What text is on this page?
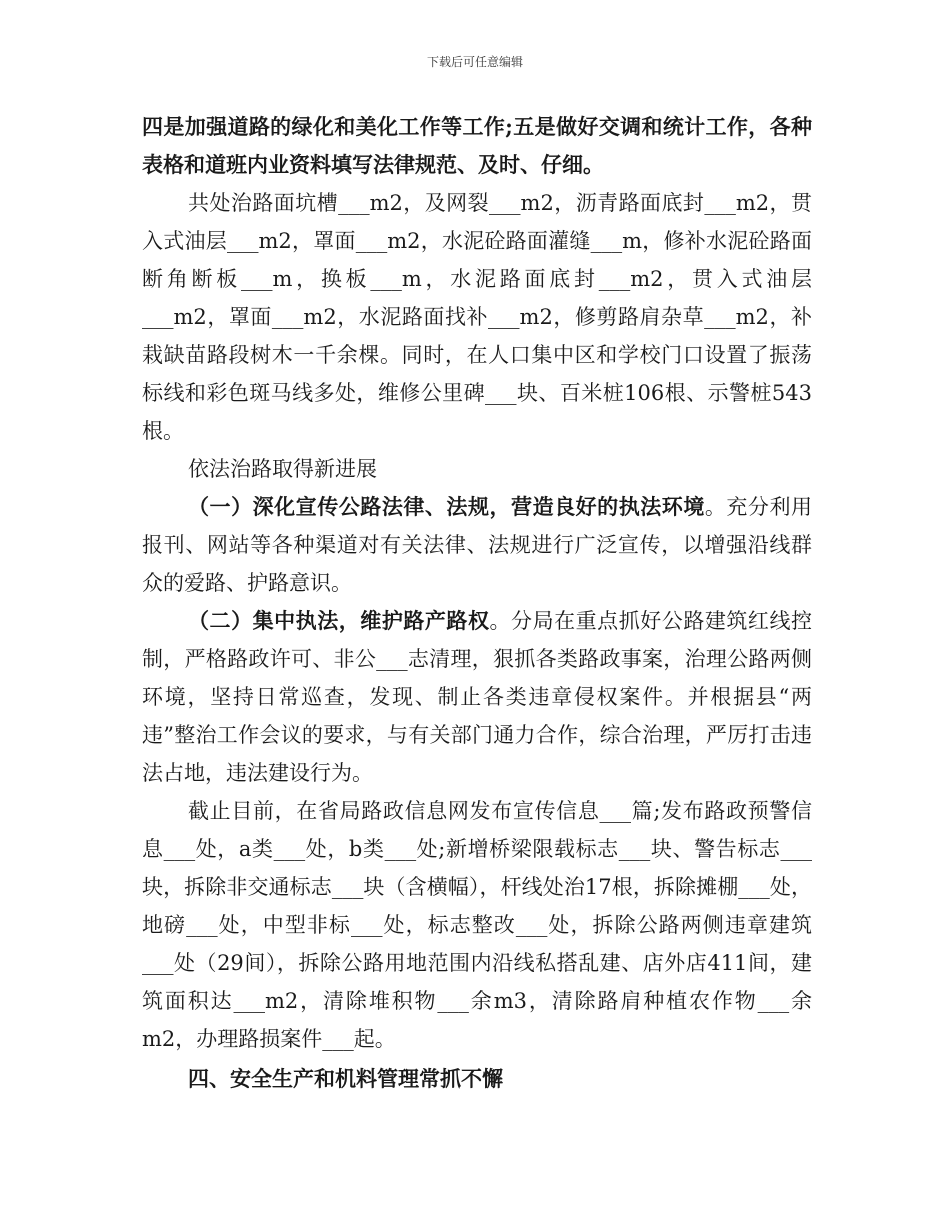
下载后可任意编辑

四是加强道路的绿化和美化工作等工作;五是做好交调和统计工作，各种表格和道班内业资料填写法律规范、及时、仔细。

共处治路面坑槽___m2，及网裂___m2，沥青路面底封___m2，贯入式油层___m2，罩面___m2，水泥砼路面灌缝___m，修补水泥砼路面断角断板___m，换板___m，水泥路面底封___m2，贯入式油层___m2，罩面___m2，水泥路面找补___m2，修剪路肩杂草___m2，补栽缺苗路段树木一千余棵。同时，在人口集中区和学校门口设置了振荡标线和彩色斑马线多处，维修公里碑___块、百米桩106根、示警桩543根。

依法治路取得新进展

（一）深化宣传公路法律、法规，营造良好的执法环境。充分利用报刊、网站等各种渠道对有关法律、法规进行广泛宣传，以增强沿线群众的爱路、护路意识。

（二）集中执法，维护路产路权。分局在重点抓好公路建筑红线控制，严格路政许可、非公___志清理，狠抓各类路政事案，治理公路两侧环境，坚持日常巡查，发现、制止各类违章侵权案件。并根据县“两违”整治工作会议的要求，与有关部门通力合作，综合治理，严厉打击违法占地，违法建设行为。

截止目前，在省局路政信息网发布宣传信息___篇;发布路政预警信息___处，a类___处，b类___处;新增桥梁限载标志___块、警告标志___块，拆除非交通标志___块（含横幅），杆线处治17根，拆除摊棚___处，地磅___处，中型非标___处，标志整改___处，拆除公路两侧违章建筑___处（29间），拆除公路用地范围内沿线私搭乱建、店外店411间，建筑面积达___m2，清除堆积物___余m3，清除路肩种植农作物___余m2，办理路损案件___起。

四、安全生产和机料管理常抓不懈
